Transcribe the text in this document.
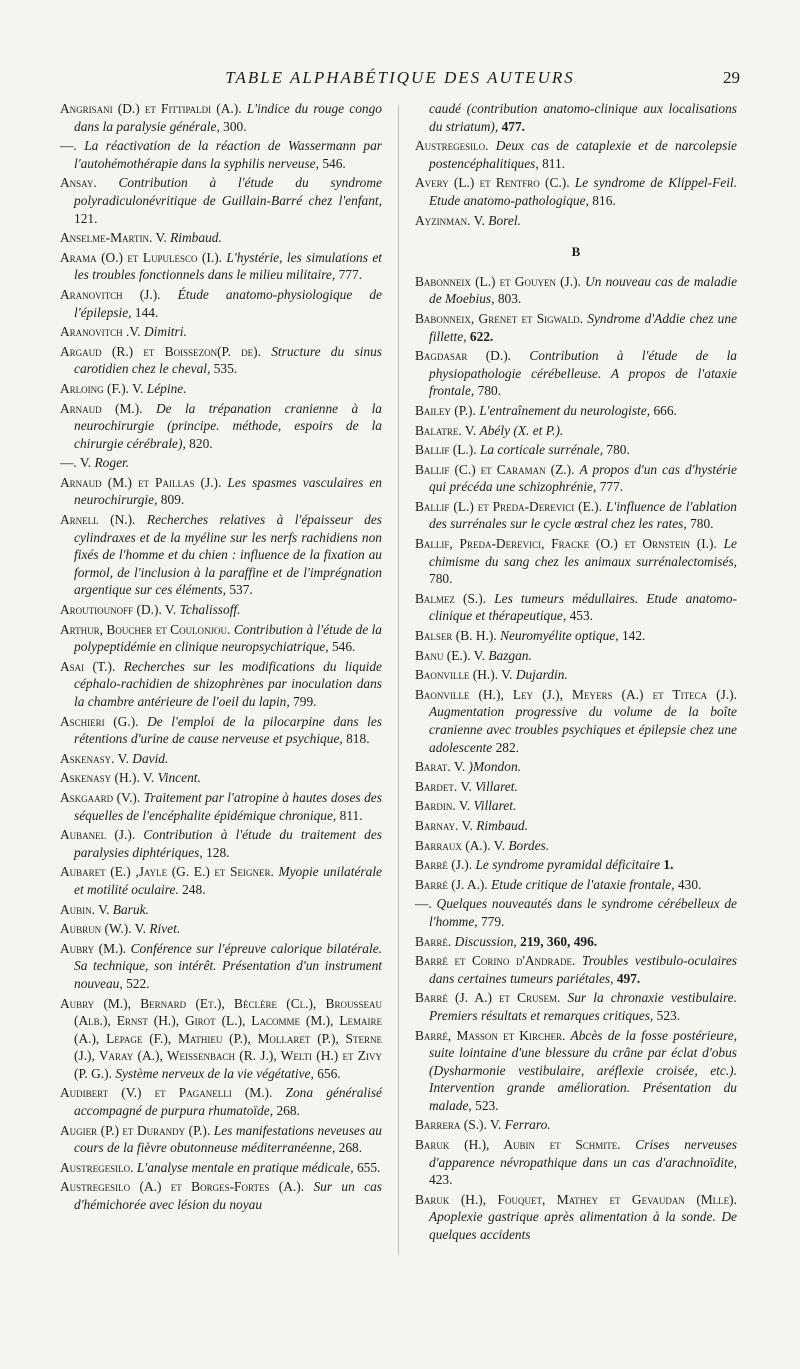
TABLE ALPHABÉTIQUE DES AUTEURS	29

Angrisani (D.) et Fittipaldi (A.). L'indice du rouge congo dans la paralysie générale, 300.

—. La réactivation de la réaction de Wassermann par l'autohémothérapie dans la syphilis nerveuse, 546.

Ansay. Contribution à l'étude du syndrome polyradiculonévritique de Guillain-Barré chez l'enfant, 121.

Anselme-Martin. V. Rimbaud.

Arama (O.) et Lupulesco (I.). L'hystérie, les simulations et les troubles fonctionnels dans le milieu militaire, 777.

Aranovitch (J.). Étude anatomo-physiologique de l'épilepsie, 144.

Aranovitch .V. Dimitri.

Argaud (R.) et Boissezon(P. de). Structure du sinus carotidien chez le cheval, 535.

Arloing (F.). V. Lépine.

Arnaud (M.). De la trépanation cranienne à la neurochirurgie (principe. méthode, espoirs de la chirurgie cérébrale), 820.

—. V. Roger.

Arnaud (M.) et Paillas (J.). Les spasmes vasculaires en neurochirurgie, 809.

Arnell (N.). Recherches relatives à l'épaisseur des cylindraxes et de la myéline sur les nerfs rachidiens non fixés de l'homme et du chien : influence de la fixation au formol, de l'inclusion à la paraffine et de l'imprégnation argentique sur ces éléments, 537.

Aroutiounoff (D.). V. Tchalissoff.

Arthur, Boucher et Coulonjou. Contribution à l'étude de la polypeptidémie en clinique neuropsychiatrique, 546.

Asai (T.). Recherches sur les modifications du liquide céphalo-rachidien de shizophrènes par inoculation dans la chambre antérieure de l'oeil du lapin, 799.

Aschieri (G.). De l'emploi de la pilocarpine dans les rétentions d'urine de cause nerveuse et psychique, 818.

Askenasy. V. David.

Askenasy (H.). V. Vincent.

Askgaard (V.). Traitement par l'atropine à hautes doses des séquelles de l'encéphalite épidémique chronique, 811.

Aubanel (J.). Contribution à l'étude du traitement des paralysies diphtériques, 128.

Aubaret (E.) ,Jayle (G. E.) et Seigner. Myopie unilatérale et motilité oculaire. 248.

Aubin. V. Baruk.

Aubrun (W.). V. Rivet.

Aubry (M.). Conférence sur l'épreuve calorique bilatérale. Sa technique, son intérêt. Présentation d'un instrument nouveau, 522.

Aubry (M.), Bernard (Et.), Béclère (Cl.), Brousseau (Alb.), Ernst (H.), Girot (L.), Lacomme (M.), Lemaire (A.), Lepage (F.), Mathieu (P.), Mollaret (P.), Sterne (J.), Varay (A.), Weissenbach (R. J.), Welti (H.) et Zivy (P. G.). Système nerveux de la vie végétative, 656.

Audibert (V.) et Paganelli (M.). Zona généralisé accompagné de purpura rhumatoïde, 268.

Augier (P.) et Durandy (P.). Les manifestations neveuses au cours de la fièvre obutonneuse méditerranéenne, 268.

Austregesilo. L'analyse mentale en pratique médicale, 655.

Austregesilo (A.) et Borges-Fortes (A.). Sur un cas d'hémichorée avec lésion du noyau

caudé (contribution anatomo-clinique aux localisations du striatum), 477.

Austregesilo. Deux cas de cataplexie et de narcolepsie postencéphalitiques, 811.

Avery (L.) et Rentfro (C.). Le syndrome de Klippel-Feil. Etude anatomo-pathologique, 816.

Ayzinman. V. Borel.

B

Babonneix (L.) et Gouyen (J.). Un nouveau cas de maladie de Moebius, 803.

Babonneix, Grenet et Sigwald. Syndrome d'Addie chez une fillette, 622.

Bagdasar (D.). Contribution à l'étude de la physiopathologie cérébelleuse. A propos de l'ataxie frontale, 780.

Bailey (P.). L'entraînement du neurologiste, 666.

Balatre. V. Abély (X. et P.).

Ballif (L.). La corticale surrénale, 780.

Ballif (C.) et Caraman (Z.). A propos d'un cas d'hystérie qui précéda une schizophrénie, 777.

Ballif (L.) et Preda-Derevici (E.). L'influence de l'ablation des surrénales sur le cycle œstral chez les rates, 780.

Ballif, Preda-Derevici, Fracke (O.) et Ornstein (I.). Le chimisme du sang chez les animaux surrénalectomisés, 780.

Balmez (S.). Les tumeurs médullaires. Etude anatomo-clinique et thérapeutique, 453.

Balser (B. H.). Neuromyélite optique, 142.

Banu (E.). V. Bazgan.

Baonville (H.). V. Dujardin.

Baonville (H.), Ley (J.), Meyers (A.) et Titeca (J.). Augmentation progressive du volume de la boîte cranienne avec troubles psychiques et épilepsie chez une adolescente 282.

Barat. V. )Mondon.

Bardet. V. Villaret.

Bardin. V. Villaret.

Barnay. V. Rimbaud.

Barraux (A.). V. Bordes.

Barré (J.). Le syndrome pyramidal déficitaire 1.

Barré (J. A.). Etude critique de l'ataxie frontale, 430.

—. Quelques nouveautés dans le syndrome cérébelleux de l'homme, 779.

Barré. Discussion, 219, 360, 496.

Barré et Corino d'Andrade. Troubles vestibulo-oculaires dans certaines tumeurs pariétales, 497.

Barré (J. A.) et Crusem. Sur la chronaxie vestibulaire. Premiers résultats et remarques critiques, 523.

Barré, Masson et Kircher. Abcès de la fosse postérieure, suite lointaine d'une blessure du crâne par éclat d'obus (Dysharmonie vestibulaire, aréflexie croisée, etc.). Intervention grande amélioration. Présentation du malade, 523.

Barrera (S.). V. Ferraro.

Baruk (H.), Aubin et Schmite. Crises nerveuses d'apparence névropathique dans un cas d'arachnoïdite, 423.

Baruk (H.), Fouquet, Mathey et Gevaudan (Mlle). Apoplexie gastrique après alimentation à la sonde. De quelques accidents
